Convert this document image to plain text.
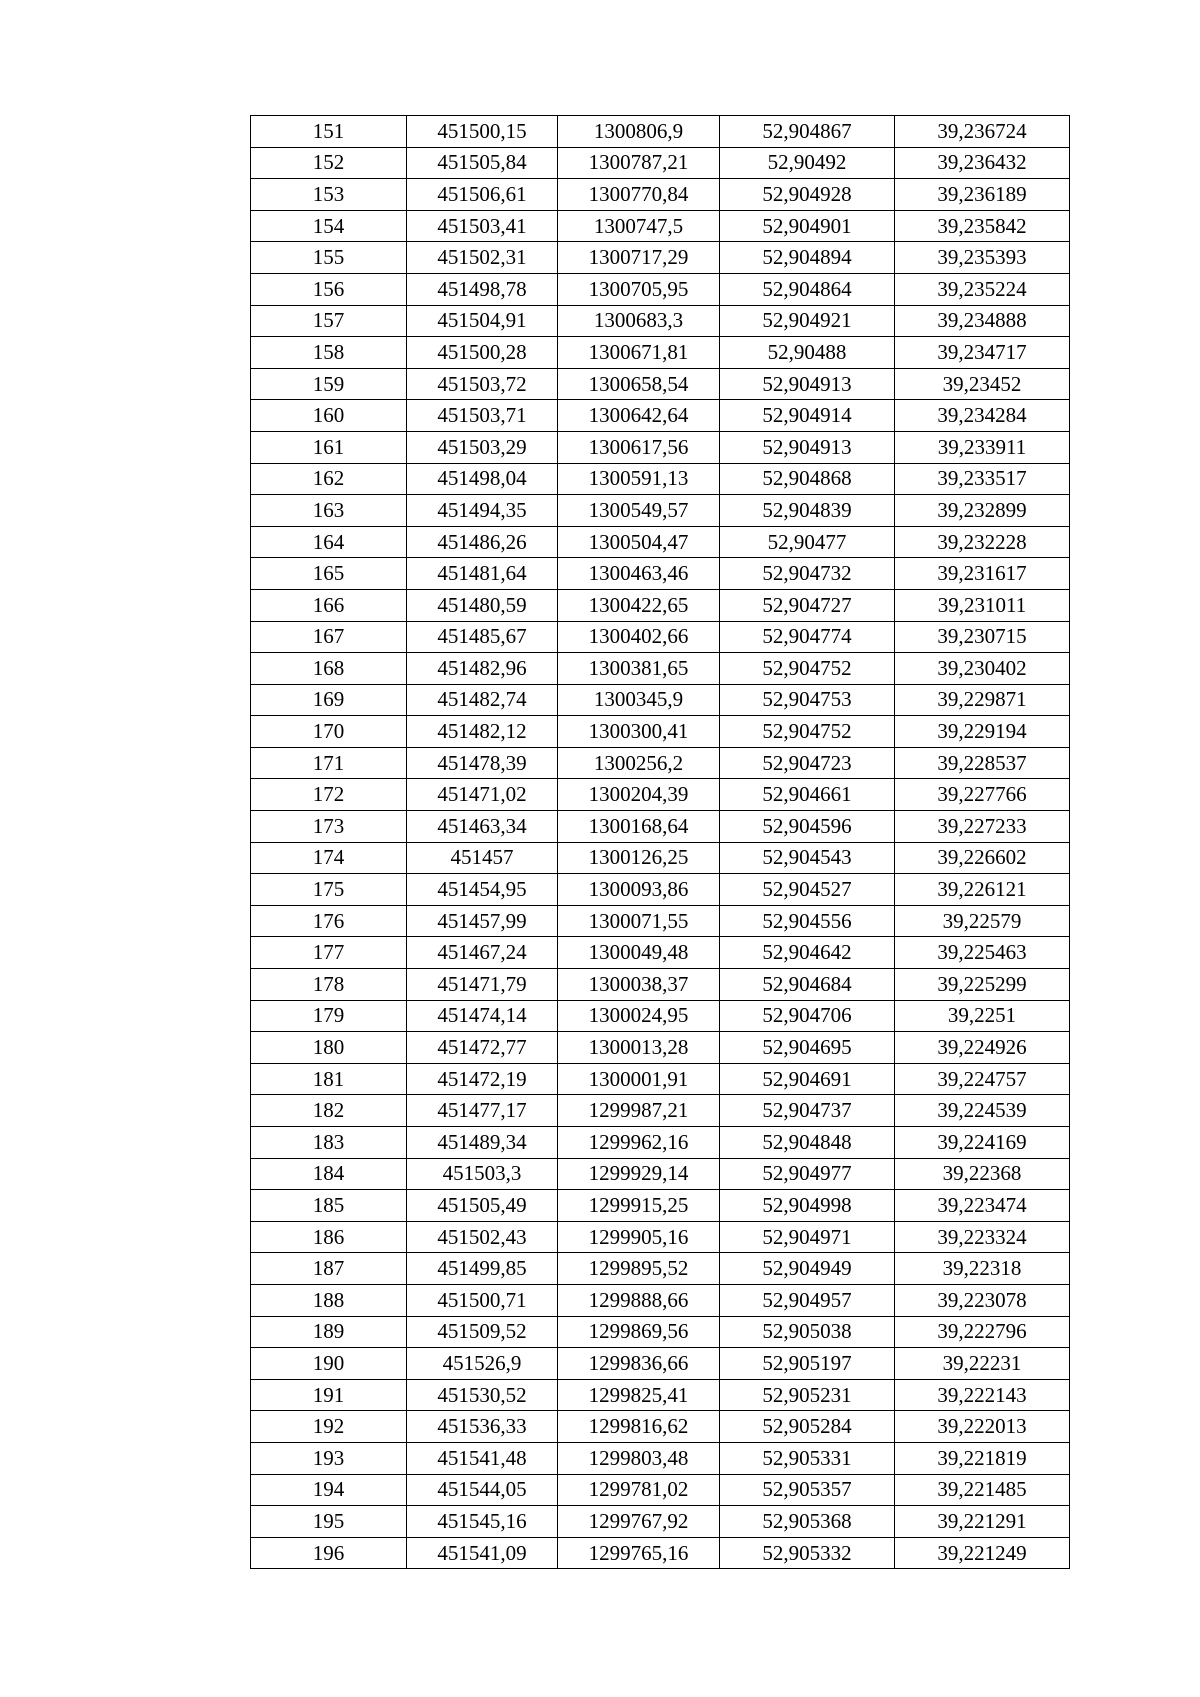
151	451500,15	1300806,9	52,904867	39,236724
152	451505,84	1300787,21	52,90492	39,236432
153	451506,61	1300770,84	52,904928	39,236189
154	451503,41	1300747,5	52,904901	39,235842
155	451502,31	1300717,29	52,904894	39,235393
156	451498,78	1300705,95	52,904864	39,235224
157	451504,91	1300683,3	52,904921	39,234888
158	451500,28	1300671,81	52,90488	39,234717
159	451503,72	1300658,54	52,904913	39,23452
160	451503,71	1300642,64	52,904914	39,234284
161	451503,29	1300617,56	52,904913	39,233911
162	451498,04	1300591,13	52,904868	39,233517
163	451494,35	1300549,57	52,904839	39,232899
164	451486,26	1300504,47	52,90477	39,232228
165	451481,64	1300463,46	52,904732	39,231617
166	451480,59	1300422,65	52,904727	39,231011
167	451485,67	1300402,66	52,904774	39,230715
168	451482,96	1300381,65	52,904752	39,230402
169	451482,74	1300345,9	52,904753	39,229871
170	451482,12	1300300,41	52,904752	39,229194
171	451478,39	1300256,2	52,904723	39,228537
172	451471,02	1300204,39	52,904661	39,227766
173	451463,34	1300168,64	52,904596	39,227233
174	451457	1300126,25	52,904543	39,226602
175	451454,95	1300093,86	52,904527	39,226121
176	451457,99	1300071,55	52,904556	39,22579
177	451467,24	1300049,48	52,904642	39,225463
178	451471,79	1300038,37	52,904684	39,225299
179	451474,14	1300024,95	52,904706	39,2251
180	451472,77	1300013,28	52,904695	39,224926
181	451472,19	1300001,91	52,904691	39,224757
182	451477,17	1299987,21	52,904737	39,224539
183	451489,34	1299962,16	52,904848	39,224169
184	451503,3	1299929,14	52,904977	39,22368
185	451505,49	1299915,25	52,904998	39,223474
186	451502,43	1299905,16	52,904971	39,223324
187	451499,85	1299895,52	52,904949	39,22318
188	451500,71	1299888,66	52,904957	39,223078
189	451509,52	1299869,56	52,905038	39,222796
190	451526,9	1299836,66	52,905197	39,22231
191	451530,52	1299825,41	52,905231	39,222143
192	451536,33	1299816,62	52,905284	39,222013
193	451541,48	1299803,48	52,905331	39,221819
194	451544,05	1299781,02	52,905357	39,221485
195	451545,16	1299767,92	52,905368	39,221291
196	451541,09	1299765,16	52,905332	39,221249
